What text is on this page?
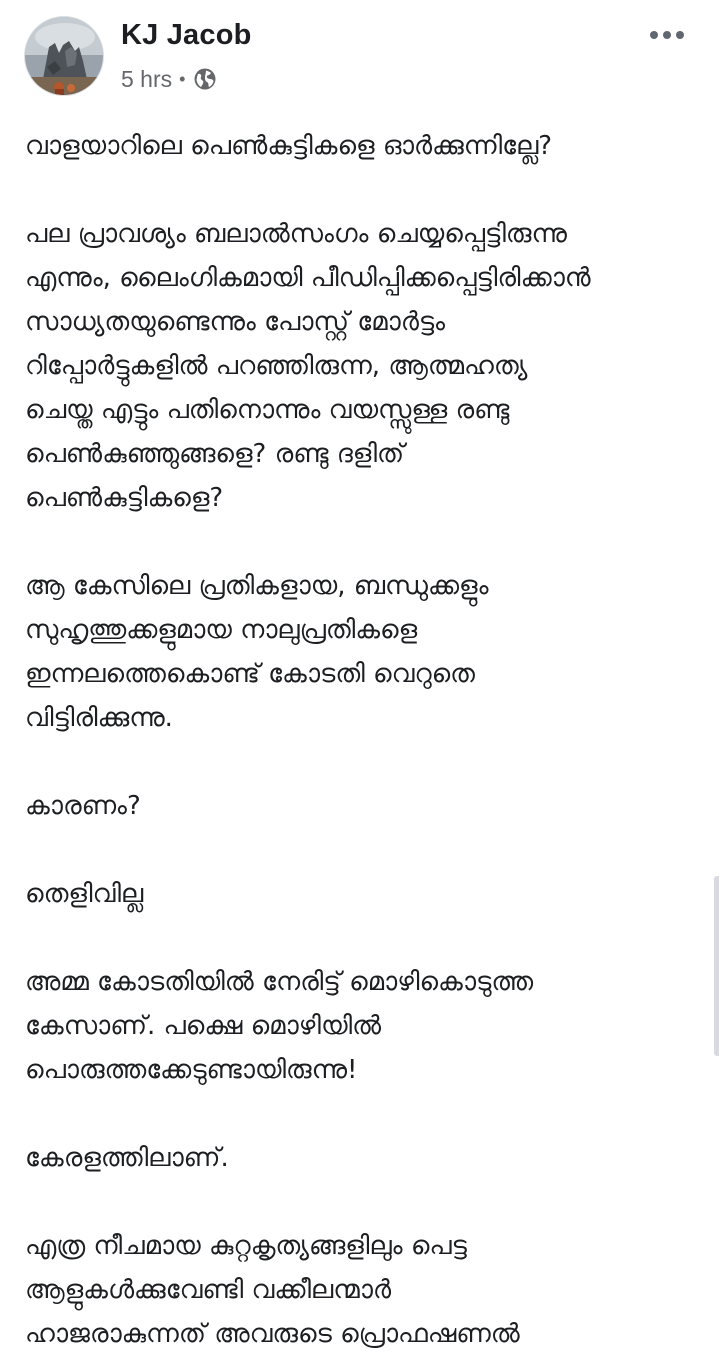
KJ Jacob
5 hrs •

വാളയാറിലെ പെൺകുട്ടികളെ ഓർക്കുന്നില്ലേ?

പല പ്രാവശ്യം ബലാൽസംഗം ചെയ്യപ്പെട്ടിരുന്നു
എന്നും, ലൈംഗികമായി പീഡിപ്പിക്കപ്പെട്ടിരിക്കാൻ
സാധ്യതയുണ്ടെന്നും പോസ്റ്റ് മോർട്ടം
റിപ്പോർട്ടുകളിൽ പറഞ്ഞിരുന്ന, ആത്മഹത്യ
ചെയ്ത എട്ടും പതിനൊന്നും വയസ്സുള്ള രണ്ടു
പെൺകുഞ്ഞുങ്ങളെ? രണ്ടു ദളിത്
പെൺകുട്ടികളെ?

ആ കേസിലെ പ്രതികളായ, ബന്ധുക്കളും
സുഹൃത്തുക്കളുമായ നാലുപ്രതികളെ
ഇന്നലത്തെകൊണ്ട് കോടതി വെറുതെ
വിട്ടിരിക്കുന്നു.

കാരണം?

തെളിവില്ല

അമ്മ കോടതിയിൽ നേരിട്ട് മൊഴികൊടുത്ത
കേസാണ്. പക്ഷെ മൊഴിയിൽ
പൊരുത്തക്കേടുണ്ടായിരുന്നു!

കേരളത്തിലാണ്.

എത്ര നീചമായ കുറ്റകൃത്യങ്ങളിലും പെട്ട
ആളുകൾക്കുവേണ്ടി വക്കീലന്മാർ
ഹാജരാകുന്നത് അവരുടെ പ്രൊഫഷണൽ
